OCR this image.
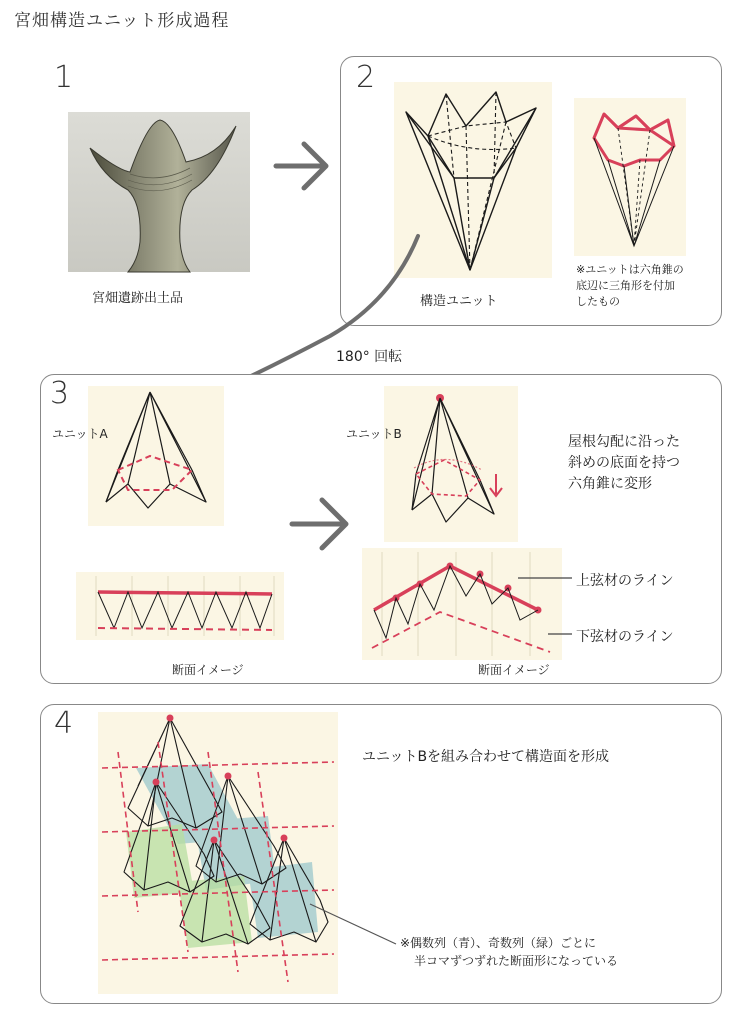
宮畑構造ユニット形成過程
1
宮畑遺跡出土品
2
構造ユニット
※ユニットは六角錐の
底辺に三角形を付加
したもの
180° 回転
3
ユニットA
断面イメージ
ユニットB	屋根勾配に沿った
斜めの底面を持つ
六角錐に変形
上弦材のライン
下弦材のライン
断面イメージ
4
ユニットBを組み合わせて構造面を形成
※偶数列（青）、奇数列（緑）ごとに
半コマずつずれた断面形になっている
